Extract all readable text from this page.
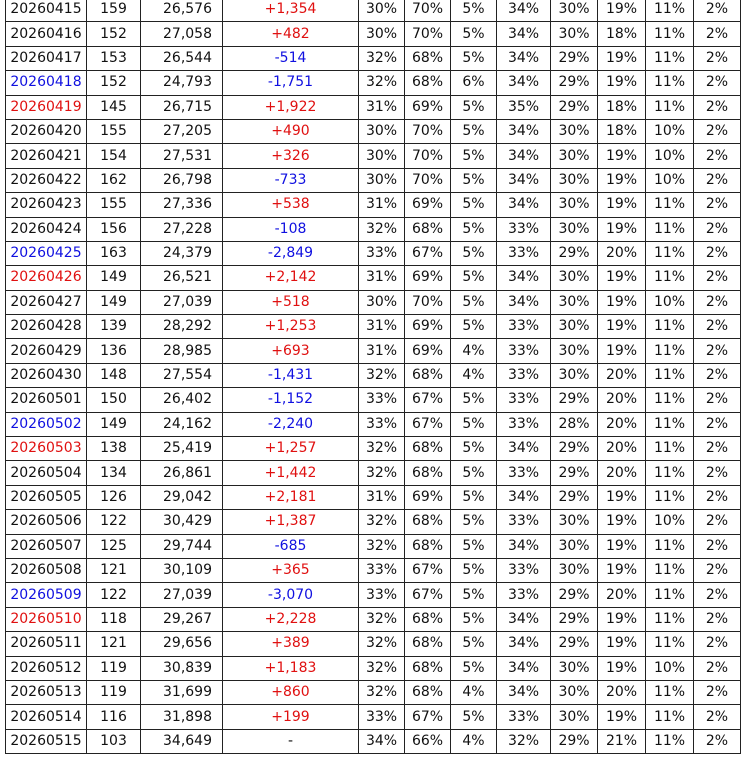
20260415	159	26,576	+1,354	30%	70%	5%	34%	30%	19%	11%	2%
20260416	152	27,058	+482	30%	70%	5%	34%	30%	18%	11%	2%
20260417	153	26,544	-514	32%	68%	5%	34%	29%	19%	11%	2%
20260418	152	24,793	-1,751	32%	68%	6%	34%	29%	19%	11%	2%
20260419	145	26,715	+1,922	31%	69%	5%	35%	29%	18%	11%	2%
20260420	155	27,205	+490	30%	70%	5%	34%	30%	18%	10%	2%
20260421	154	27,531	+326	30%	70%	5%	34%	30%	19%	10%	2%
20260422	162	26,798	-733	30%	70%	5%	34%	30%	19%	10%	2%
20260423	155	27,336	+538	31%	69%	5%	34%	30%	19%	11%	2%
20260424	156	27,228	-108	32%	68%	5%	33%	30%	19%	11%	2%
20260425	163	24,379	-2,849	33%	67%	5%	33%	29%	20%	11%	2%
20260426	149	26,521	+2,142	31%	69%	5%	34%	30%	19%	11%	2%
20260427	149	27,039	+518	30%	70%	5%	34%	30%	19%	10%	2%
20260428	139	28,292	+1,253	31%	69%	5%	33%	30%	19%	11%	2%
20260429	136	28,985	+693	31%	69%	4%	33%	30%	19%	11%	2%
20260430	148	27,554	-1,431	32%	68%	4%	33%	30%	20%	11%	2%
20260501	150	26,402	-1,152	33%	67%	5%	33%	29%	20%	11%	2%
20260502	149	24,162	-2,240	33%	67%	5%	33%	28%	20%	11%	2%
20260503	138	25,419	+1,257	32%	68%	5%	34%	29%	20%	11%	2%
20260504	134	26,861	+1,442	32%	68%	5%	33%	29%	20%	11%	2%
20260505	126	29,042	+2,181	31%	69%	5%	34%	29%	19%	11%	2%
20260506	122	30,429	+1,387	32%	68%	5%	33%	30%	19%	10%	2%
20260507	125	29,744	-685	32%	68%	5%	34%	30%	19%	11%	2%
20260508	121	30,109	+365	33%	67%	5%	33%	30%	19%	11%	2%
20260509	122	27,039	-3,070	33%	67%	5%	33%	29%	20%	11%	2%
20260510	118	29,267	+2,228	32%	68%	5%	34%	29%	19%	11%	2%
20260511	121	29,656	+389	32%	68%	5%	34%	29%	19%	11%	2%
20260512	119	30,839	+1,183	32%	68%	5%	34%	30%	19%	10%	2%
20260513	119	31,699	+860	32%	68%	4%	34%	30%	20%	11%	2%
20260514	116	31,898	+199	33%	67%	5%	33%	30%	19%	11%	2%
20260515	103	34,649	-	34%	66%	4%	32%	29%	21%	11%	2%
